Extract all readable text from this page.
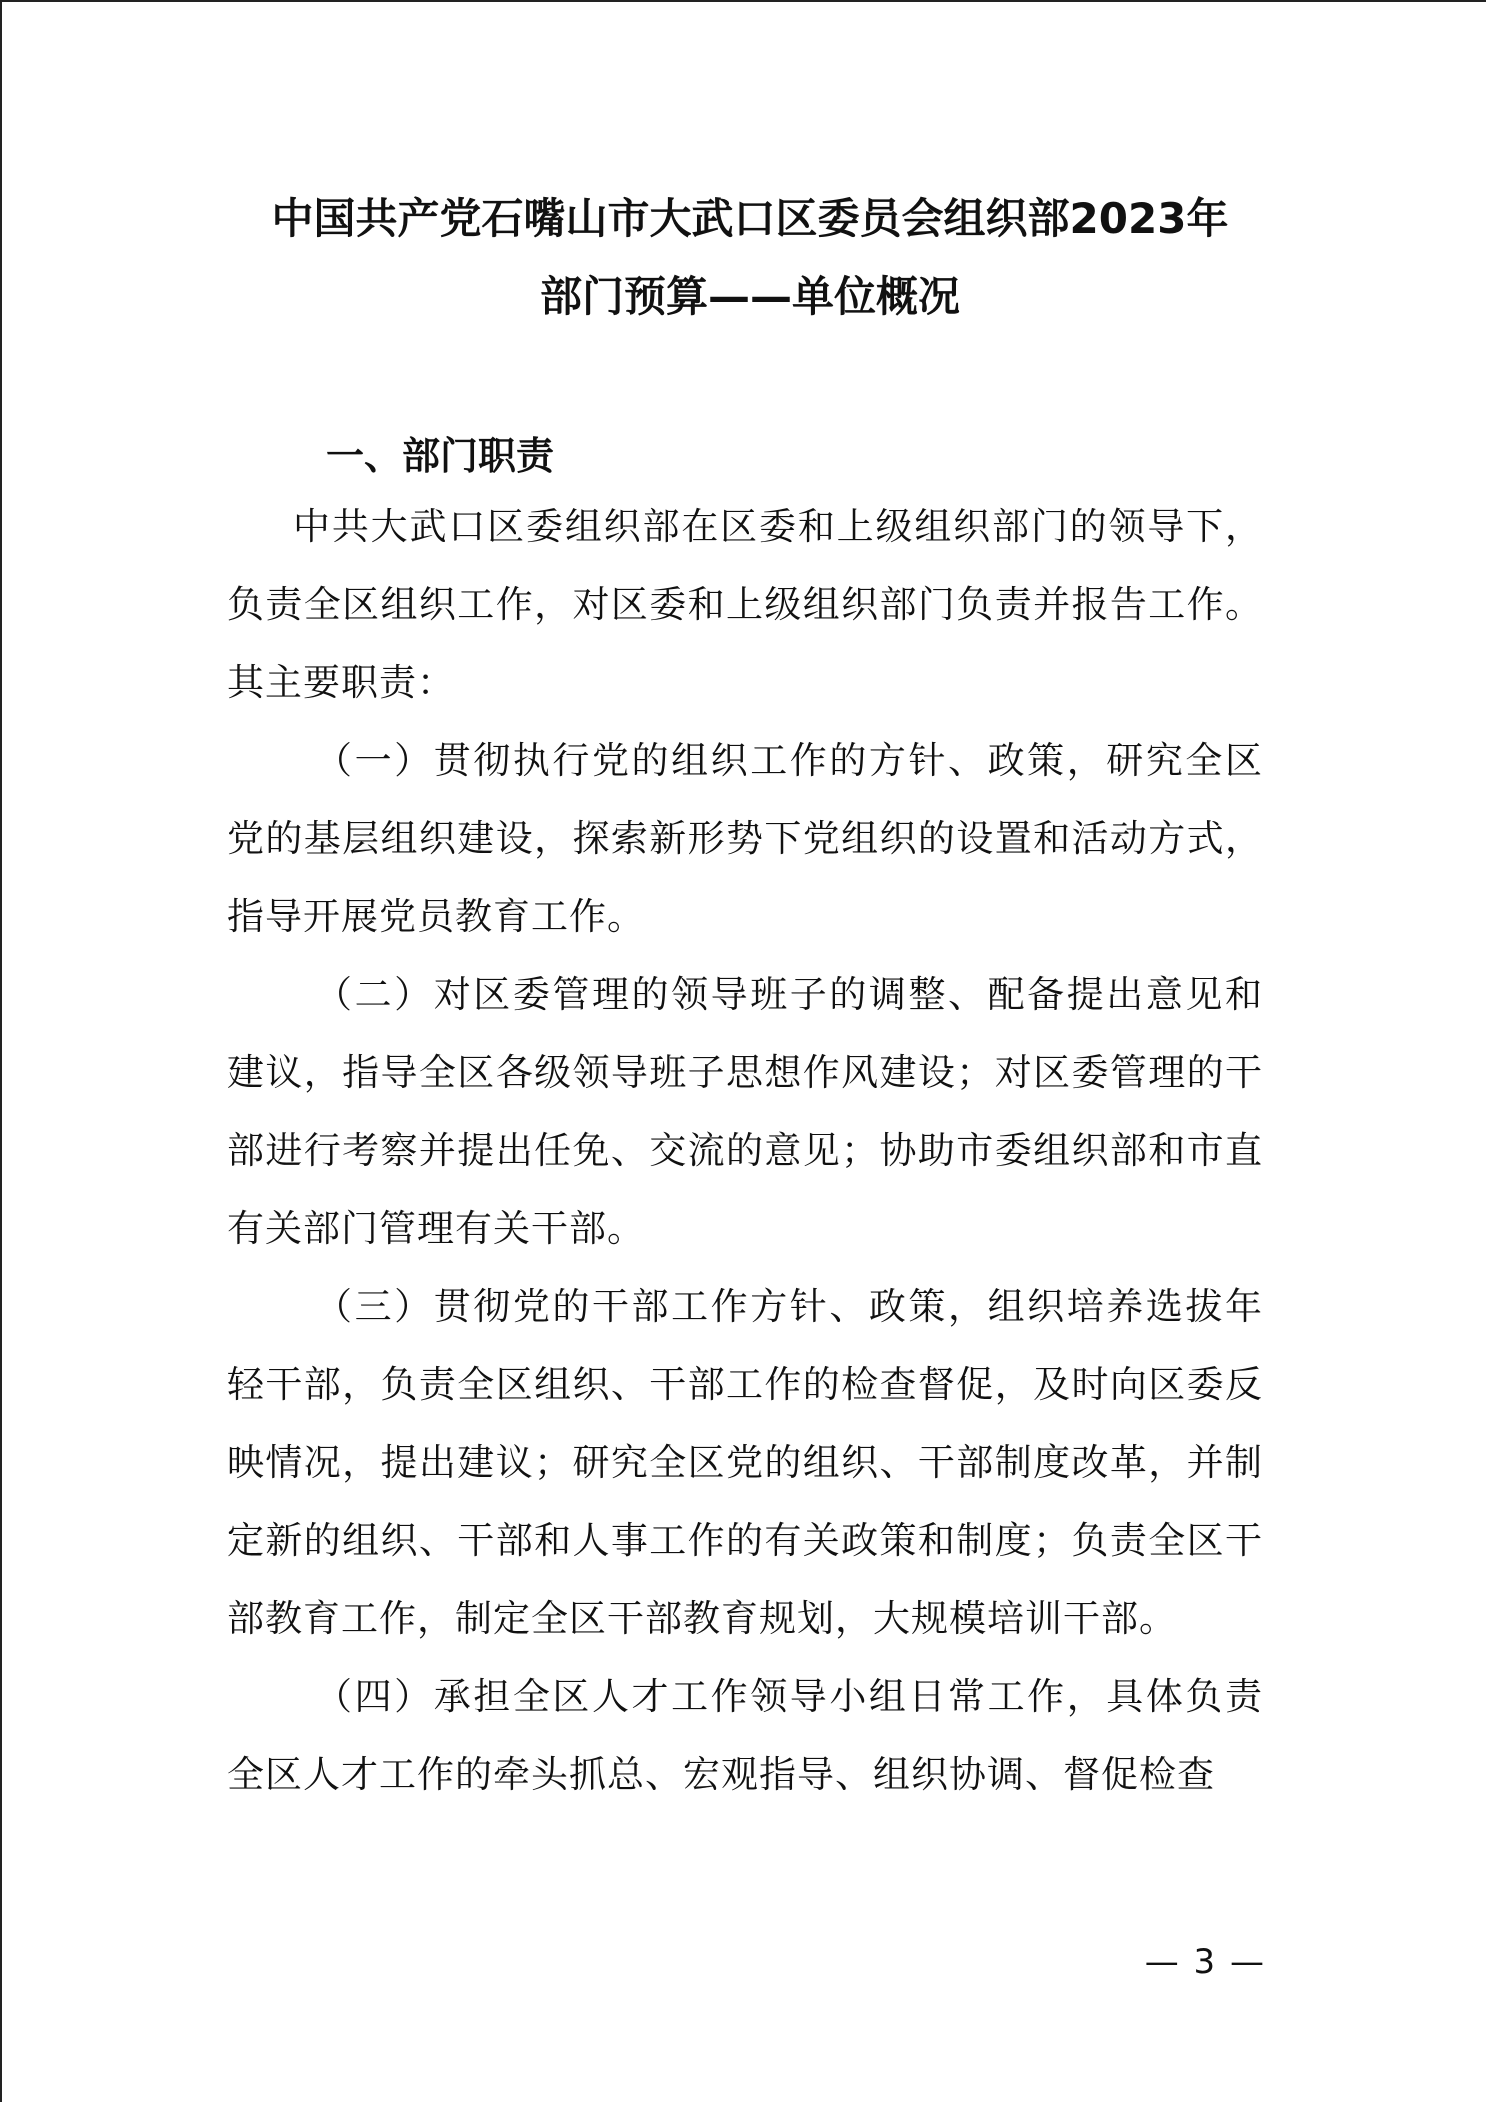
中国共产党石嘴山市大武口区委员会组织部2023年
部门预算——单位概况
一、部门职责

中共大武口区委组织部在区委和上级组织部门的领导下，负责全区组织工作，对区委和上级组织部门负责并报告工作。其主要职责：

（一）贯彻执行党的组织工作的方针、政策，研究全区党的基层组织建设，探索新形势下党组织的设置和活动方式，指导开展党员教育工作。

（二）对区委管理的领导班子的调整、配备提出意见和建议，指导全区各级领导班子思想作风建设；对区委管理的干部进行考察并提出任免、交流的意见；协助市委组织部和市直有关部门管理有关干部。

（三）贯彻党的干部工作方针、政策，组织培养选拔年轻干部，负责全区组织、干部工作的检查督促，及时向区委反映情况，提出建议；研究全区党的组织、干部制度改革，并制定新的组织、干部和人事工作的有关政策和制度；负责全区干部教育工作，制定全区干部教育规划，大规模培训干部。

（四）承担全区人才工作领导小组日常工作，具体负责全区人才工作的牵头抓总、宏观指导、组织协调、督促检查

— 3 —
